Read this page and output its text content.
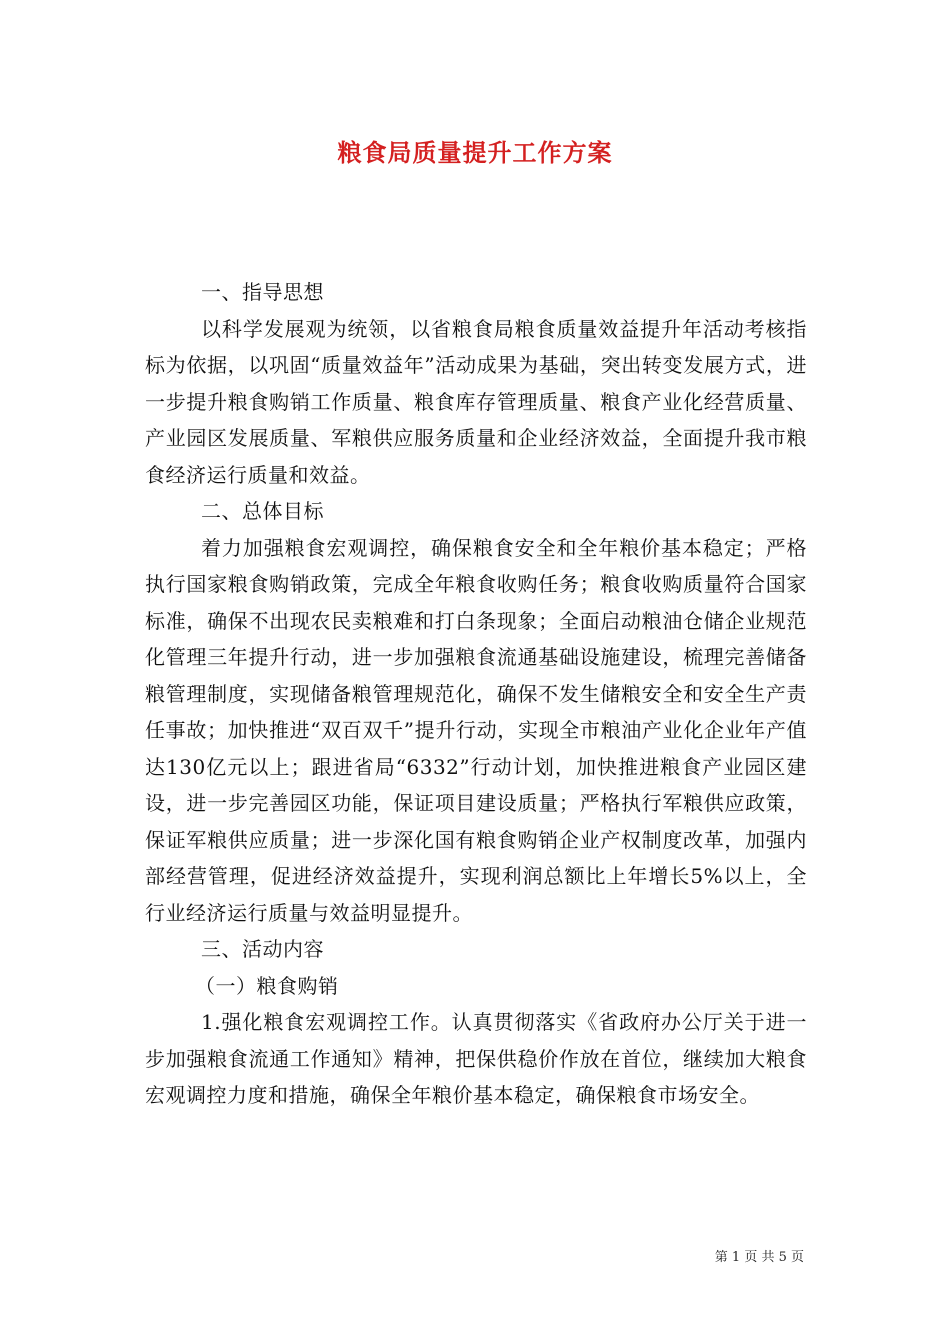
粮食局质量提升工作方案

一、指导思想

以科学发展观为统领，以省粮食局粮食质量效益提升年活动考核指标为依据，以巩固“质量效益年”活动成果为基础，突出转变发展方式，进一步提升粮食购销工作质量、粮食库存管理质量、粮食产业化经营质量、产业园区发展质量、军粮供应服务质量和企业经济效益，全面提升我市粮食经济运行质量和效益。

二、总体目标

着力加强粮食宏观调控，确保粮食安全和全年粮价基本稳定；严格执行国家粮食购销政策，完成全年粮食收购任务；粮食收购质量符合国家标准，确保不出现农民卖粮难和打白条现象；全面启动粮油仓储企业规范化管理三年提升行动，进一步加强粮食流通基础设施建设，梳理完善储备粮管理制度，实现储备粮管理规范化，确保不发生储粮安全和安全生产责任事故；加快推进“双百双千”提升行动，实现全市粮油产业化企业年产值达130亿元以上；跟进省局“6332”行动计划，加快推进粮食产业园区建设，进一步完善园区功能，保证项目建设质量；严格执行军粮供应政策，保证军粮供应质量；进一步深化国有粮食购销企业产权制度改革，加强内部经营管理，促进经济效益提升，实现利润总额比上年增长5%以上，全行业经济运行质量与效益明显提升。

三、活动内容

（一）粮食购销

1.强化粮食宏观调控工作。认真贯彻落实《省政府办公厅关于进一步加强粮食流通工作通知》精神，把保供稳价作放在首位，继续加大粮食宏观调控力度和措施，确保全年粮价基本稳定，确保粮食市场安全。

第 1 页 共 5 页
